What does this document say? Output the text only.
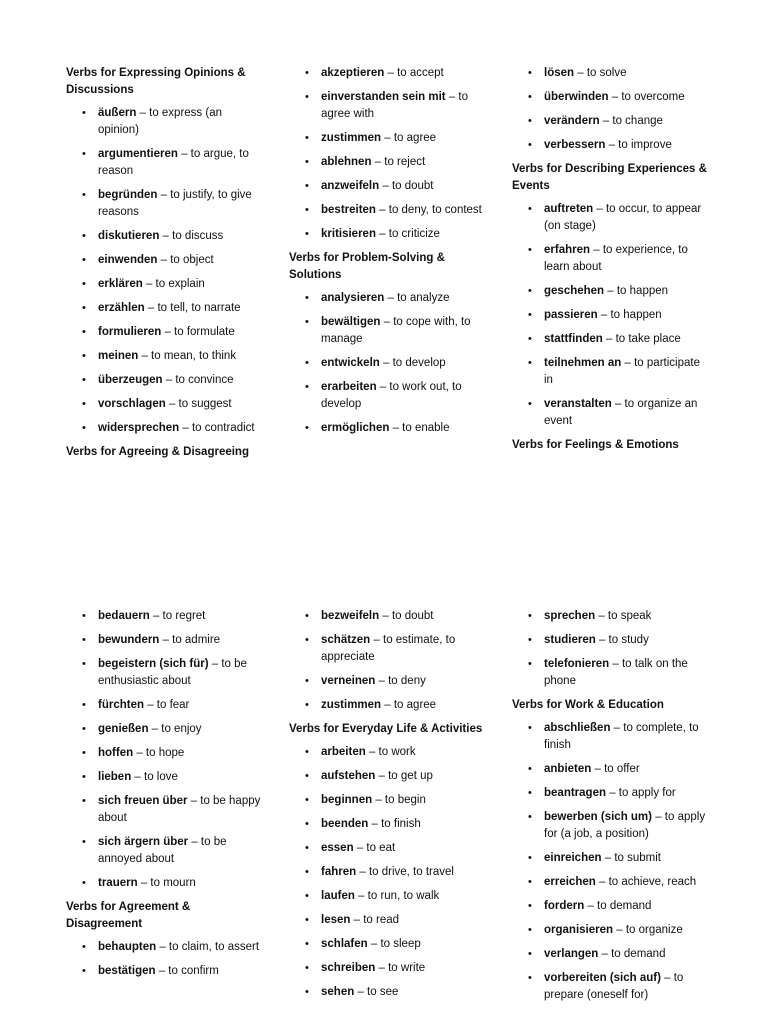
Verbs for Expressing Opinions & Discussions
• äußern – to express (an opinion)
• argumentieren – to argue, to reason
• begründen – to justify, to give reasons
• diskutieren – to discuss
• einwenden – to object
• erklären – to explain
• erzählen – to tell, to narrate
• formulieren – to formulate
• meinen – to mean, to think
• überzeugen – to convince
• vorschlagen – to suggest
• widersprechen – to contradict
Verbs for Agreeing & Disagreeing
• akzeptieren – to accept
• einverstanden sein mit – to agree with
• zustimmen – to agree
• ablehnen – to reject
• anzweifeln – to doubt
• bestreiten – to deny, to contest
• kritisieren – to criticize
Verbs for Problem-Solving & Solutions
• analysieren – to analyze
• bewältigen – to cope with, to manage
• entwickeln – to develop
• erarbeiten – to work out, to develop
• ermöglichen – to enable
• lösen – to solve
• überwinden – to overcome
• verändern – to change
• verbessern – to improve
Verbs for Describing Experiences & Events
• auftreten – to occur, to appear (on stage)
• erfahren – to experience, to learn about
• geschehen – to happen
• passieren – to happen
• stattfinden – to take place
• teilnehmen an – to participate in
• veranstalten – to organize an event
Verbs for Feelings & Emotions
• bedauern – to regret
• bewundern – to admire
• begeistern (sich für) – to be enthusiastic about
• fürchten – to fear
• genießen – to enjoy
• hoffen – to hope
• lieben – to love
• sich freuen über – to be happy about
• sich ärgern über – to be annoyed about
• trauern – to mourn
Verbs for Agreement & Disagreement
• behaupten – to claim, to assert
• bestätigen – to confirm
• bezweifeln – to doubt
• schätzen – to estimate, to appreciate
• verneinen – to deny
• zustimmen – to agree
Verbs for Everyday Life & Activities
• arbeiten – to work
• aufstehen – to get up
• beginnen – to begin
• beenden – to finish
• essen – to eat
• fahren – to drive, to travel
• laufen – to run, to walk
• lesen – to read
• schlafen – to sleep
• schreiben – to write
• sehen – to see
• sprechen – to speak
• studieren – to study
• telefonieren – to talk on the phone
Verbs for Work & Education
• abschließen – to complete, to finish
• anbieten – to offer
• beantragen – to apply for
• bewerben (sich um) – to apply for (a job, a position)
• einreichen – to submit
• erreichen – to achieve, reach
• fordern – to demand
• organisieren – to organize
• verlangen – to demand
• vorbereiten (sich auf) – to prepare (oneself for)
